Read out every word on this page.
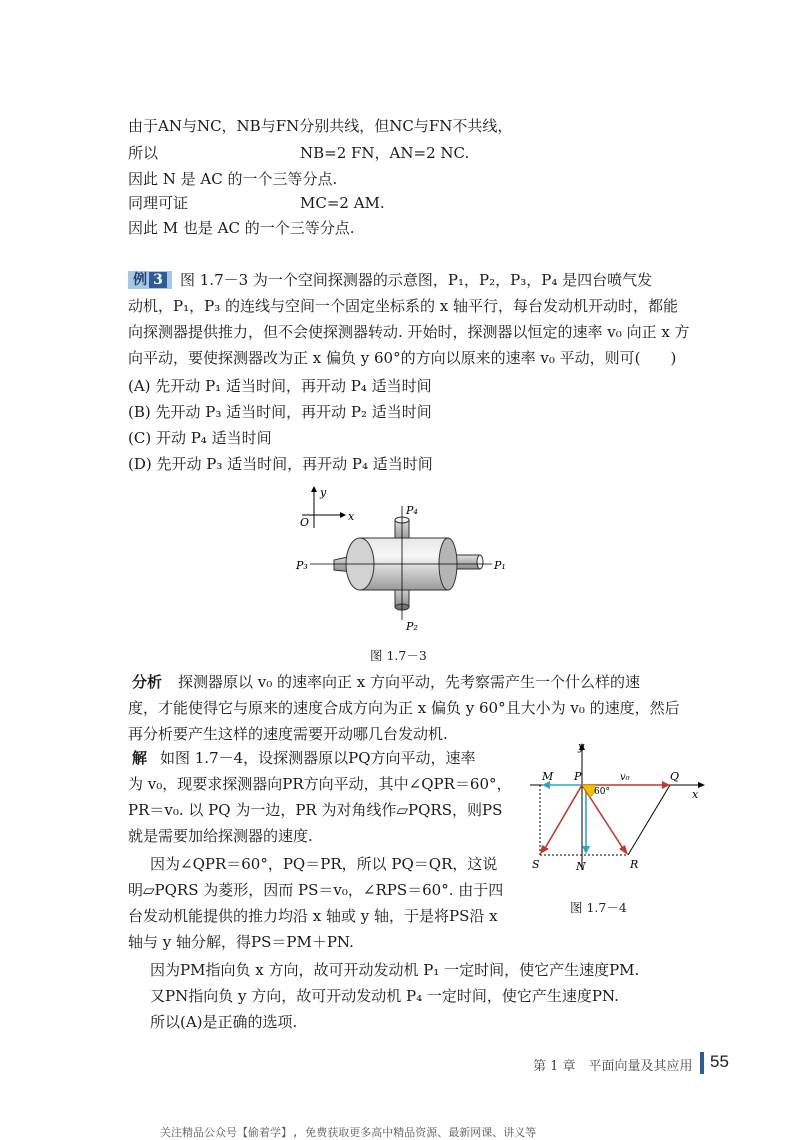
由于AN与NC，NB与FN分别共线，但NC与FN不共线，
所以	NB=2 FN，AN=2 NC.
因此 N 是 AC 的一个三等分点.
同理可证	MC=2 AM.
因此 M 也是 AC 的一个三等分点.
例 3	图 1.7－3 为一个空间探测器的示意图，P₁，P₂，P₃，P₄ 是四台喷气发
动机，P₁，P₃ 的连线与空间一个固定坐标系的 x 轴平行，每台发动机开动时，都能
向探测器提供推力，但不会使探测器转动. 开始时，探测器以恒定的速率 v₀ 向正 x 方
向平动，要使探测器改为正 x 偏负 y 60°的方向以原来的速率 v₀ 平动，则可(　　)
(A) 先开动 P₁ 适当时间，再开动 P₄ 适当时间
(B) 先开动 P₃ 适当时间，再开动 P₂ 适当时间
(C) 开动 P₄ 适当时间
(D) 先开动 P₃ 适当时间，再开动 P₄ 适当时间
y
x
O
P₄
P₂
P₁
P₃
图 1.7－3
分析 探测器原以 v₀ 的速率向正 x 方向平动，先考察需产生一个什么样的速
度，才能使得它与原来的速度合成方向为正 x 偏负 y 60°且大小为 v₀ 的速度，然后
再分析要产生这样的速度需要开动哪几台发动机.
解 如图 1.7－4，设探测器原以PQ方向平动，速率
为 v₀，现要求探测器向PR方向平动，其中∠QPR＝60°，
PR＝v₀. 以 PQ 为一边，PR 为对角线作▱PQRS，则PS
就是需要加给探测器的速度.
因为∠QPR＝60°，PQ＝PR，所以 PQ＝QR，这说
明▱PQRS 为菱形，因而 PS＝v₀，∠RPS＝60°. 由于四
台发动机能提供的推力均沿 x 轴或 y 轴，于是将PS沿 x
轴与 y 轴分解，得PS＝PM＋PN.
因为PM指向负 x 方向，故可开动发动机 P₁ 一定时间，使它产生速度PM.
又PN指向负 y 方向，故可开动发动机 P₄ 一定时间，使它产生速度PN.
所以(A)是正确的选项.
y
x
M P	Q
v₀
60°
S	N	R
图 1.7－4
第 1 章　平面向量及其应用 55
关注精品公众号【偷着学】, 免费获取更多高中精品资源、最新网课、讲义等
